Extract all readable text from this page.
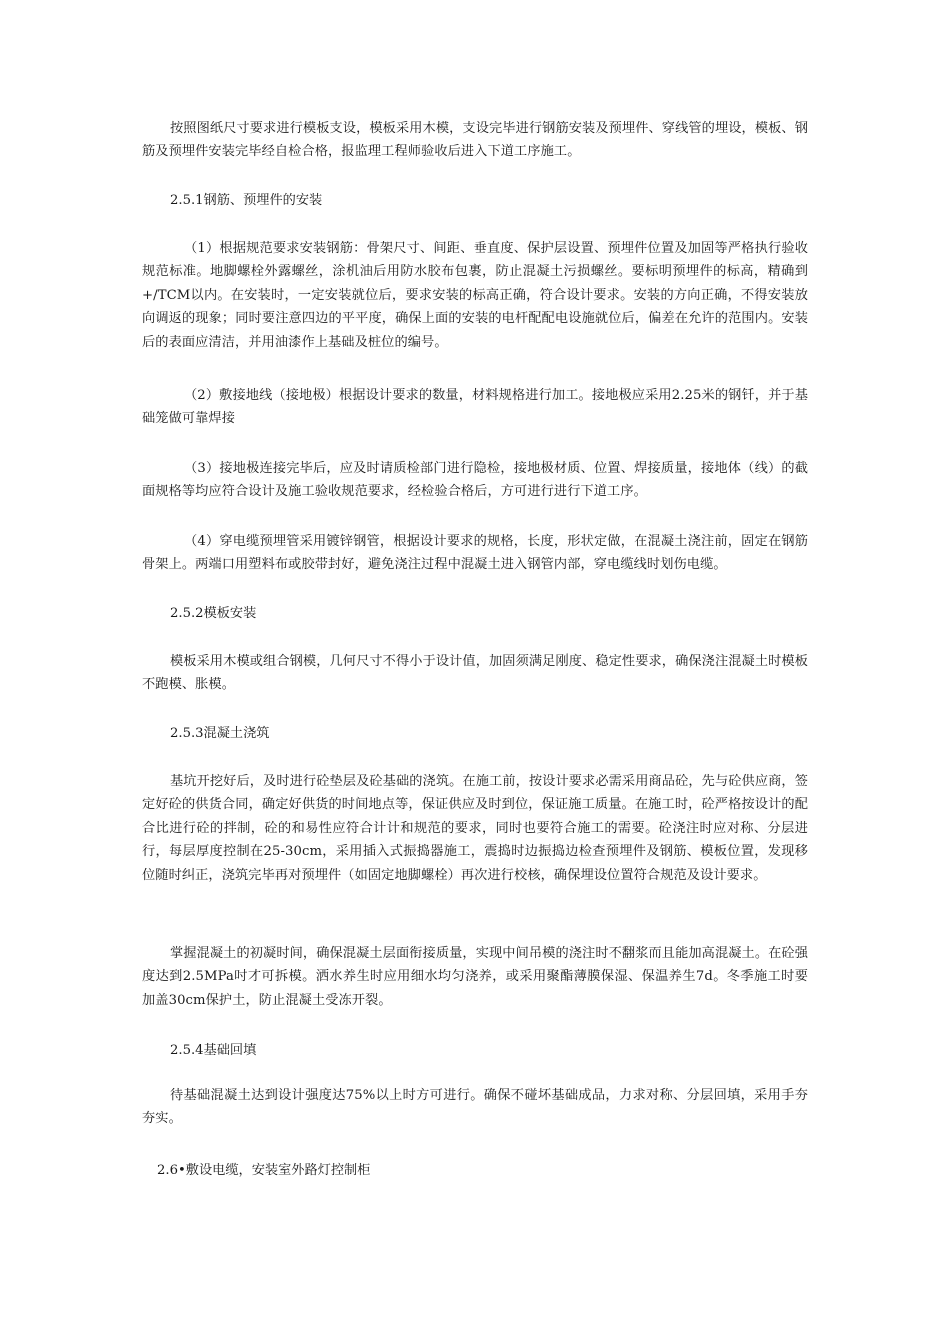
按照图纸尺寸要求进行模板支设，模板采用木模，支设完毕进行钢筋安装及预埋件、穿线管的埋设，模板、钢筋及预埋件安装完毕经自检合格，报监理工程师验收后进入下道工序施工。

2.5.1钢筋、预埋件的安装

（1）根据规范要求安装钢筋：骨架尺寸、间距、垂直度、保护层设置、预埋件位置及加固等严格执行验收规范标准。地脚螺栓外露螺丝，涂机油后用防水胶布包裹，防止混凝土污损螺丝。要标明预埋件的标高，精确到+/TCM以内。在安装时，一定安装就位后，要求安装的标高正确，符合设计要求。安装的方向正确，不得安装放向调返的现象；同时要注意四边的平平度，确保上面的安装的电杆配配电设施就位后，偏差在允许的范围内。安装后的表面应清洁，并用油漆作上基础及桩位的编号。

（2）敷接地线（接地极）根据设计要求的数量，材料规格进行加工。接地极应采用2.25米的钢钎，并于基础笼做可靠焊接

（3）接地极连接完毕后，应及时请质检部门进行隐检，接地极材质、位置、焊接质量，接地体（线）的截面规格等均应符合设计及施工验收规范要求，经检验合格后，方可进行进行下道工序。

（4）穿电缆预埋管采用镀锌钢管，根据设计要求的规格，长度，形状定做，在混凝土浇注前，固定在钢筋骨架上。两端口用塑料布或胶带封好，避免浇注过程中混凝土进入钢管内部，穿电缆线时划伤电缆。

2.5.2模板安装

模板采用木模或组合钢模，几何尺寸不得小于设计值，加固须满足刚度、稳定性要求，确保浇注混凝土时模板不跑模、胀模。

2.5.3混凝土浇筑

基坑开挖好后，及时进行砼垫层及砼基础的浇筑。在施工前，按设计要求必需采用商品砼，先与砼供应商，签定好砼的供货合同，确定好供货的时间地点等，保证供应及时到位，保证施工质量。在施工时，砼严格按设计的配合比进行砼的拌制，砼的和易性应符合计计和规范的要求，同时也要符合施工的需要。砼浇注时应对称、分层进行，每层厚度控制在25-30cm，采用插入式振捣器施工，震捣时边振捣边检查预埋件及钢筋、模板位置，发现移位随时纠正，浇筑完毕再对预埋件（如固定地脚螺栓）再次进行校核，确保埋设位置符合规范及设计要求。

掌握混凝土的初凝时间，确保混凝土层面衔接质量，实现中间吊模的浇注时不翻浆而且能加高混凝土。在砼强度达到2.5MPa吋才可拆模。洒水养生时应用细水均匀浇养，或采用聚酯薄膜保湿、保温养生7d。冬季施工时要加盖30cm保护土，防止混凝土受冻开裂。

2.5.4基础回填

待基础混凝土达到设计强度达75%以上时方可进行。确保不碰坏基础成品，力求对称、分层回填，采用手夯夯实。

2.6•敷设电缆，安装室外路灯控制柜
